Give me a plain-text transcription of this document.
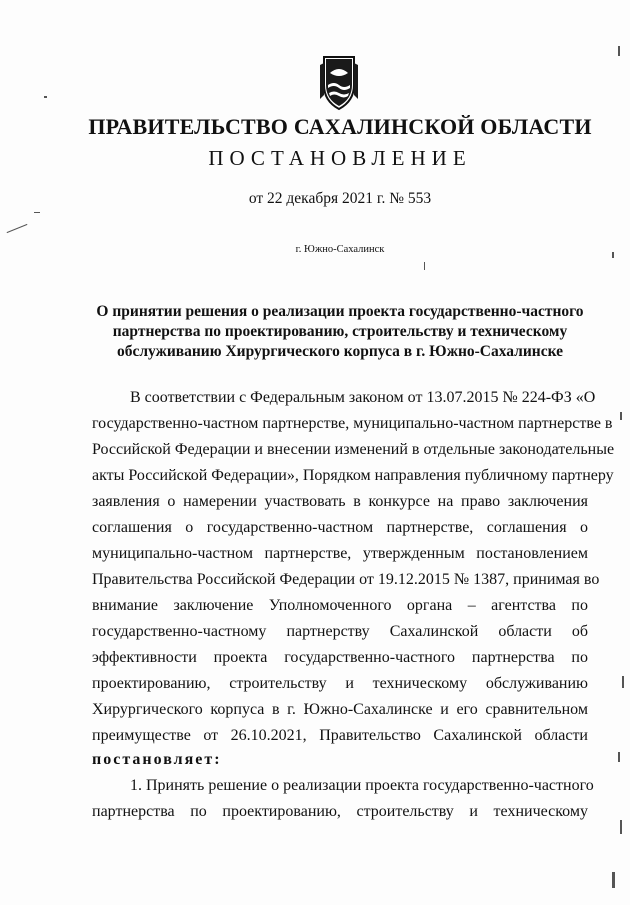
ПРАВИТЕЛЬСТВО САХАЛИНСКОЙ ОБЛАСТИ
ПОСТАНОВЛЕНИЕ
от 22 декабря 2021 г. № 553
г. Южно-Сахалинск
О принятии решения о реализации проекта государственно-частного
партнерства по проектированию, строительству и техническому
обслуживанию Хирургического корпуса в г. Южно-Сахалинске
В соответствии с Федеральным законом от 13.07.2015 № 224-ФЗ «О
государственно-частном партнерстве, муниципально-частном партнерстве в
Российской Федерации и внесении изменений в отдельные законодательные
акты Российской Федерации», Порядком направления публичному партнеру
заявления о намерении участвовать в конкурсе на право заключения
соглашения о государственно-частном партнерстве, соглашения о
муниципально-частном партнерстве, утвержденным постановлением
Правительства Российской Федерации от 19.12.2015 № 1387, принимая во
внимание заключение Уполномоченного органа – агентства по
государственно-частному партнерству Сахалинской области об
эффективности проекта государственно-частного партнерства по
проектированию, строительству и техническому обслуживанию
Хирургического корпуса в г. Южно-Сахалинске и его сравнительном
преимуществе от 26.10.2021, Правительство Сахалинской области
постановляет:
1. Принять решение о реализации проекта государственно-частного
партнерства по проектированию, строительству и техническому
